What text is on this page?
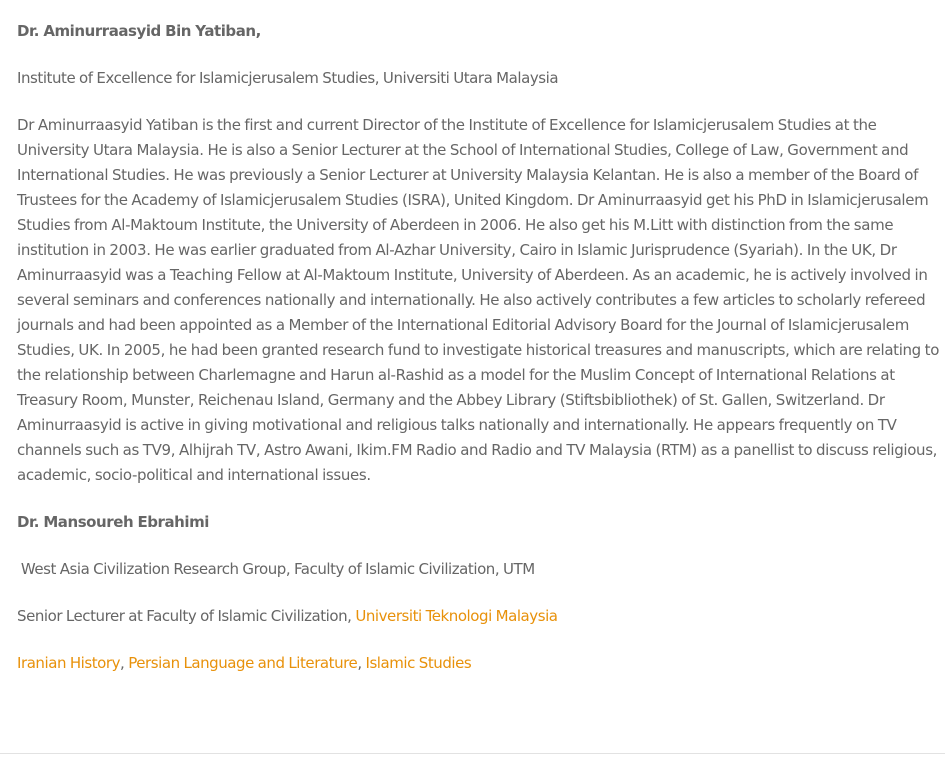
Dr. Aminurraasyid Bin Yatiban,

Institute of Excellence for Islamicjerusalem Studies, Universiti Utara Malaysia

Dr Aminurraasyid Yatiban is the first and current Director of the Institute of Excellence for Islamicjerusalem Studies at the University Utara Malaysia. He is also a Senior Lecturer at the School of International Studies, College of Law, Government and International Studies. He was previously a Senior Lecturer at University Malaysia Kelantan. He is also a member of the Board of Trustees for the Academy of Islamicjerusalem Studies (ISRA), United Kingdom. Dr Aminurraasyid get his PhD in Islamicjerusalem Studies from Al-Maktoum Institute, the University of Aberdeen in 2006. He also get his M.Litt with distinction from the same institution in 2003. He was earlier graduated from Al-Azhar University, Cairo in Islamic Jurisprudence (Syariah). In the UK, Dr Aminurraasyid was a Teaching Fellow at Al-Maktoum Institute, University of Aberdeen. As an academic, he is actively involved in several seminars and conferences nationally and internationally. He also actively contributes a few articles to scholarly refereed journals and had been appointed as a Member of the International Editorial Advisory Board for the Journal of Islamicjerusalem Studies, UK. In 2005, he had been granted research fund to investigate historical treasures and manuscripts, which are relating to the relationship between Charlemagne and Harun al-Rashid as a model for the Muslim Concept of International Relations at Treasury Room, Munster, Reichenau Island, Germany and the Abbey Library (Stiftsbibliothek) of St. Gallen, Switzerland. Dr Aminurraasyid is active in giving motivational and religious talks nationally and internationally. He appears frequently on TV channels such as TV9, Alhijrah TV, Astro Awani, Ikim.FM Radio and Radio and TV Malaysia (RTM) as a panellist to discuss religious, academic, socio-political and international issues.

Dr. Mansoureh Ebrahimi

West Asia Civilization Research Group, Faculty of Islamic Civilization, UTM

Senior Lecturer at Faculty of Islamic Civilization, Universiti Teknologi Malaysia

Iranian History, Persian Language and Literature, Islamic Studies
